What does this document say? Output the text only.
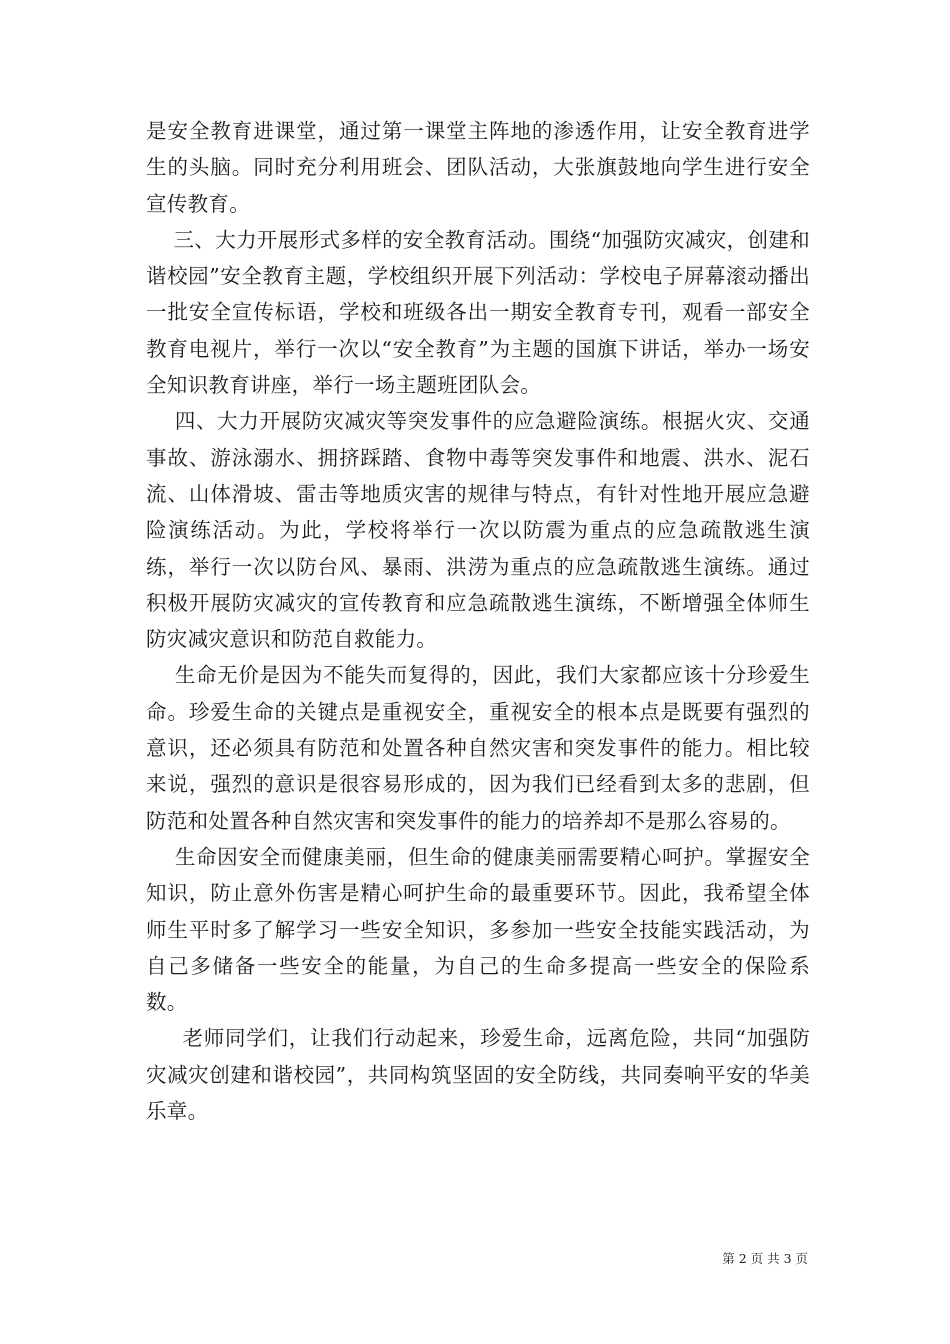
是安全教育进课堂，通过第一课堂主阵地的渗透作用，让安全教育进学生的头脑。同时充分利用班会、团队活动，大张旗鼓地向学生进行安全宣传教育。

三、大力开展形式多样的安全教育活动。围绕“加强防灾减灾，创建和谐校园”安全教育主题，学校组织开展下列活动：学校电子屏幕滚动播出一批安全宣传标语，学校和班级各出一期安全教育专刊，观看一部安全教育电视片，举行一次以“安全教育”为主题的国旗下讲话，举办一场安全知识教育讲座，举行一场主题班团队会。

四、大力开展防灾减灾等突发事件的应急避险演练。根据火灾、交通事故、游泳溺水、拥挤踩踏、食物中毒等突发事件和地震、洪水、泥石流、山体滑坡、雷击等地质灾害的规律与特点，有针对性地开展应急避险演练活动。为此，学校将举行一次以防震为重点的应急疏散逃生演练，举行一次以防台风、暴雨、洪涝为重点的应急疏散逃生演练。通过积极开展防灾减灾的宣传教育和应急疏散逃生演练，不断增强全体师生防灾减灾意识和防范自救能力。

生命无价是因为不能失而复得的，因此，我们大家都应该十分珍爱生命。珍爱生命的关键点是重视安全，重视安全的根本点是既要有强烈的意识，还必须具有防范和处置各种自然灾害和突发事件的能力。相比较来说，强烈的意识是很容易形成的，因为我们已经看到太多的悲剧，但防范和处置各种自然灾害和突发事件的能力的培养却不是那么容易的。

生命因安全而健康美丽，但生命的健康美丽需要精心呵护。掌握安全知识，防止意外伤害是精心呵护生命的最重要环节。因此，我希望全体师生平时多了解学习一些安全知识，多参加一些安全技能实践活动，为自己多储备一些安全的能量，为自己的生命多提高一些安全的保险系数。

老师同学们，让我们行动起来，珍爱生命，远离危险，共同“加强防灾减灾创建和谐校园”，共同构筑坚固的安全防线，共同奏响平安的华美乐章。

第 2 页 共 3 页
